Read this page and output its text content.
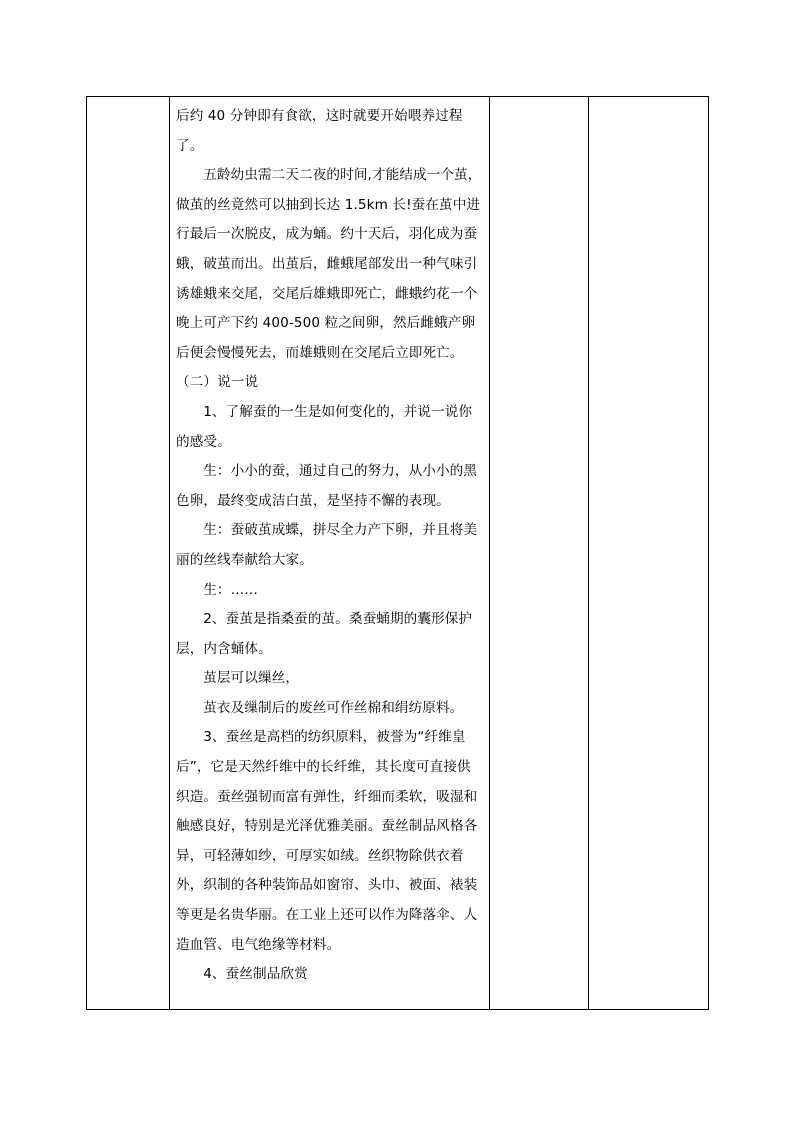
后约 40 分钟即有食欲，这时就要开始喂养过程了。

五龄幼虫需二天二夜的时间,才能结成一个茧，做茧的丝竟然可以抽到长达 1.5km 长!蚕在茧中进行最后一次脱皮，成为蛹。约十天后，羽化成为蚕蛾，破茧而出。出茧后，雌蛾尾部发出一种气味引诱雄蛾来交尾，交尾后雄蛾即死亡，雌蛾约花一个晚上可产下约 400-500 粒之间卵，然后雌蛾产卵后便会慢慢死去，而雄蛾则在交尾后立即死亡。

（二）说一说

1、了解蚕的一生是如何变化的，并说一说你的感受。

生：小小的蚕，通过自己的努力，从小小的黑色卵，最终变成洁白茧，是坚持不懈的表现。

生：蚕破茧成蝶，拼尽全力产下卵，并且将美丽的丝线奉献给大家。

生：……

2、蚕茧是指桑蚕的茧。桑蚕蛹期的囊形保护层，内含蛹体。

茧层可以缫丝，

茧衣及缫制后的废丝可作丝棉和绢纺原料。

3、蚕丝是高档的纺织原料，被誉为“纤维皇后”，它是天然纤维中的长纤维，其长度可直接供织造。蚕丝强韧而富有弹性，纤细而柔软，吸湿和触感良好，特别是光泽优雅美丽。蚕丝制品风格各异，可轻薄如纱，可厚实如绒。丝织物除供衣着外，织制的各种装饰品如窗帘、头巾、被面、裱装等更是名贵华丽。在工业上还可以作为降落伞、人造血管、电气绝缘等材料。

4、蚕丝制品欣赏
